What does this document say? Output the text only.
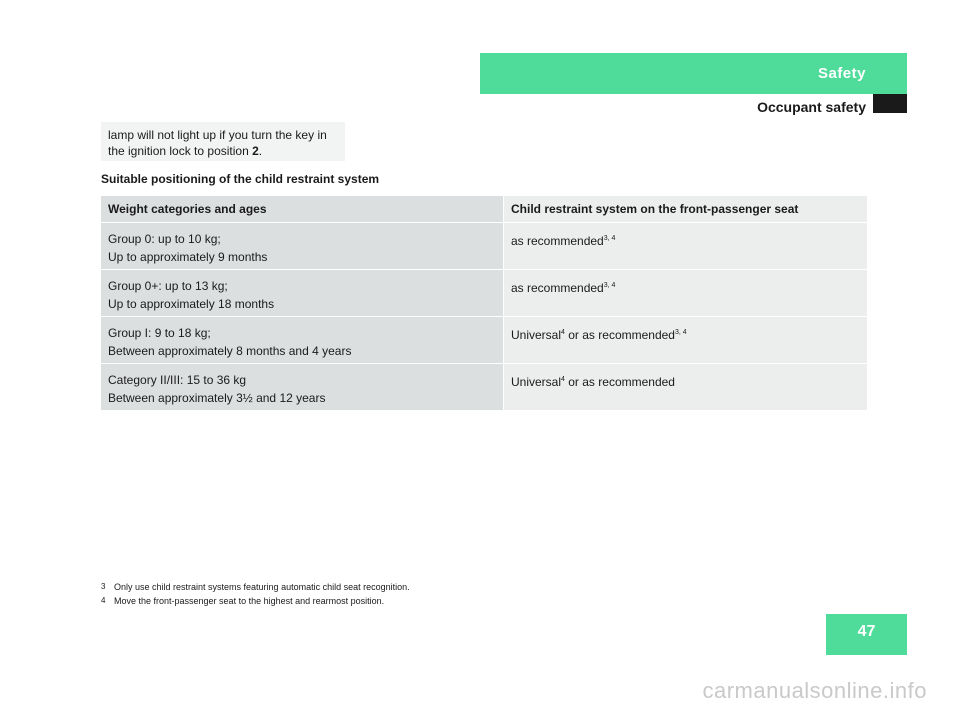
Safety
Occupant safety
lamp will not light up if you turn the key in
the ignition lock to position 2.
Suitable positioning of the child restraint system
Weight categories and ages	Child restraint system on the front-passenger seat

Group 0: up to 10 kg;
Up to approximately 9 months	as recommended$^{3, 4}$

Group 0+: up to 13 kg;
Up to approximately 18 months	as recommended$^{3, 4}$

Group I: 9 to 18 kg;
Between approximately 8 months and 4 years	Universal$^4$ or as recommended$^{3, 4}$

Category II/III: 15 to 36 kg
Between approximately 3½ and 12 years	Universal$^4$ or as recommended
3 Only use child restraint systems featuring automatic child seat recognition.
4 Move the front-passenger seat to the highest and rearmost position.
47
carmanualsonline.info
